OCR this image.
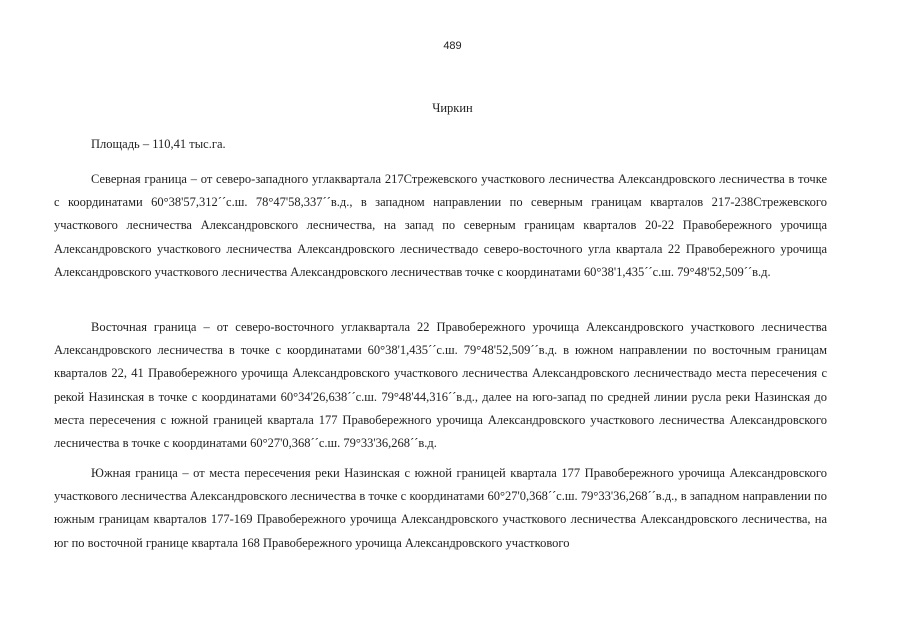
489
Чиркин

Площадь – 110,41 тыс.га.

Северная граница – от северо-западного углаквартала 217Стрежевского участкового лесничества Александровского лесничества в точке с координатами 60°38'57,312´´с.ш. 78°47'58,337´´в.д., в западном направлении по северным границам кварталов 217-238Стрежевского участкового лесничества Александровского лесничества, на запад по северным границам кварталов 20-22 Правобережного урочища Александровского участкового лесничества Александровского лесничествадо северо-восточного угла квартала 22 Правобережного урочища Александровского участкового лесничества Александровского лесничествав точке с координатами 60°38'1,435´´с.ш. 79°48'52,509´´в.д.

Восточная граница – от северо-восточного углаквартала 22 Правобережного урочища Александровского участкового лесничества Александровского лесничества в точке с координатами 60°38'1,435´´с.ш. 79°48'52,509´´в.д. в южном направлении по восточным границам кварталов 22, 41 Правобережного урочища Александровского участкового лесничества Александровского лесничествадо места пересечения с рекой Назинская в точке с координатами 60°34'26,638´´с.ш. 79°48'44,316´´в.д., далее на юго-запад по средней линии русла реки Назинская до места пересечения с южной границей квартала 177 Правобережного урочища Александровского участкового лесничества Александровского лесничества в точке с координатами 60°27'0,368´´с.ш. 79°33'36,268´´в.д.

Южная граница – от места пересечения реки Назинская с южной границей квартала 177 Правобережного урочища Александровского участкового лесничества Александровского лесничества в точке с координатами 60°27'0,368´´с.ш. 79°33'36,268´´в.д., в западном направлении по южным границам кварталов 177-169 Правобережного урочища Александровского участкового лесничества Александровского лесничества, на юг по восточной границе квартала 168 Правобережного урочища Александровского участкового
